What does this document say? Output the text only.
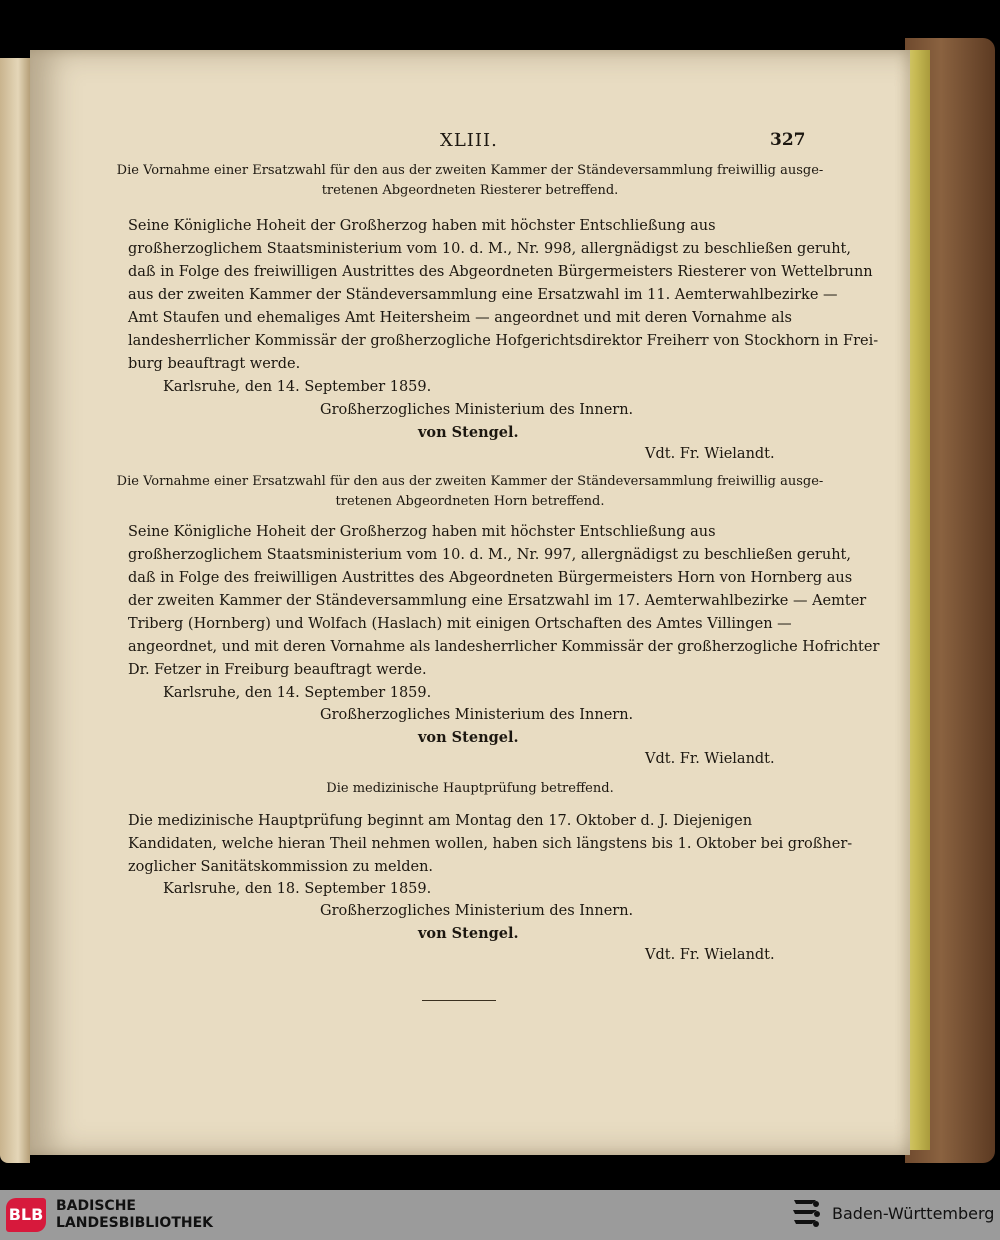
XLIII.	327
Die Vornahme einer Ersatzwahl für den aus der zweiten Kammer der Ständeversammlung freiwillig ausge-
tretenen Abgeordneten Riesterer betreffend.
Seine Königliche Hoheit der Großherzog haben mit höchster Entschließung aus
großherzoglichem Staatsministerium vom 10. d. M., Nr. 998, allergnädigst zu beschließen geruht,
daß in Folge des freiwilligen Austrittes des Abgeordneten Bürgermeisters Riesterer von Wettelbrunn
aus der zweiten Kammer der Ständeversammlung eine Ersatzwahl im 11. Aemterwahlbezirke —
Amt Staufen und ehemaliges Amt Heitersheim — angeordnet und mit deren Vornahme als
landesherrlicher Kommissär der großherzogliche Hofgerichtsdirektor Freiherr von Stockhorn in Frei-
burg beauftragt werde.
Karlsruhe, den 14. September 1859.
Großherzogliches Ministerium des Innern.
von Stengel.
Vdt. Fr. Wielandt.
Die Vornahme einer Ersatzwahl für den aus der zweiten Kammer der Ständeversammlung freiwillig ausge-
tretenen Abgeordneten Horn betreffend.
Seine Königliche Hoheit der Großherzog haben mit höchster Entschließung aus
großherzoglichem Staatsministerium vom 10. d. M., Nr. 997, allergnädigst zu beschließen geruht,
daß in Folge des freiwilligen Austrittes des Abgeordneten Bürgermeisters Horn von Hornberg aus
der zweiten Kammer der Ständeversammlung eine Ersatzwahl im 17. Aemterwahlbezirke — Aemter
Triberg (Hornberg) und Wolfach (Haslach) mit einigen Ortschaften des Amtes Villingen —
angeordnet, und mit deren Vornahme als landesherrlicher Kommissär der großherzogliche Hofrichter
Dr. Fetzer in Freiburg beauftragt werde.
Karlsruhe, den 14. September 1859.
Großherzogliches Ministerium des Innern.
von Stengel.
Vdt. Fr. Wielandt.
Die medizinische Hauptprüfung betreffend.
Die medizinische Hauptprüfung beginnt am Montag den 17. Oktober d. J. Diejenigen
Kandidaten, welche hieran Theil nehmen wollen, haben sich längstens bis 1. Oktober bei großher-
zoglicher Sanitätskommission zu melden.
Karlsruhe, den 18. September 1859.
Großherzogliches Ministerium des Innern.
von Stengel.
Vdt. Fr. Wielandt.
BLB BADISCHE
LANDESBIBLIOTHEK	Baden-Württemberg
